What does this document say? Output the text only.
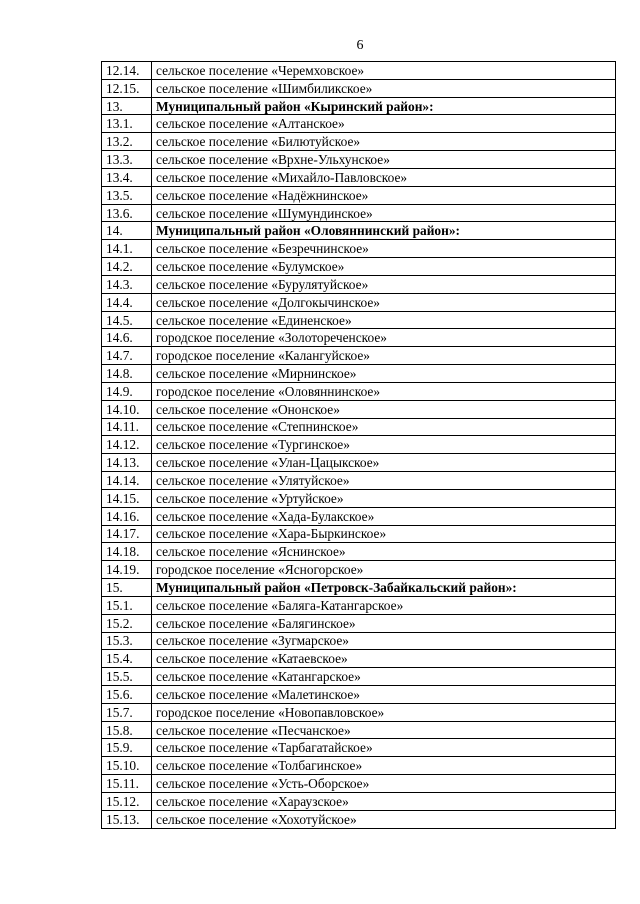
6
12.14.	сельское поселение «Черемховское»
12.15.	сельское поселение «Шимбиликское»
13.	Муниципальный район «Кыринский район»:
13.1.	сельское поселение «Алтанское»
13.2.	сельское поселение «Билютуйское»
13.3.	сельское поселение «Врхне-Ульхунское»
13.4.	сельское поселение «Михайло-Павловское»
13.5.	сельское поселение «Надёжнинское»
13.6.	сельское поселение «Шумундинское»
14.	Муниципальный район «Оловяннинский район»:
14.1.	сельское поселение «Безречнинское»
14.2.	сельское поселение «Булумское»
14.3.	сельское поселение «Бурулятуйское»
14.4.	сельское поселение «Долгокычинское»
14.5.	сельское поселение «Единенское»
14.6.	городское поселение «Золотореченское»
14.7.	городское поселение «Калангуйское»
14.8.	сельское поселение «Мирнинское»
14.9.	городское поселение «Оловяннинское»
14.10.	сельское поселение «Ононское»
14.11.	сельское поселение «Степнинское»
14.12.	сельское поселение «Тургинское»
14.13.	сельское поселение «Улан-Цацыкское»
14.14.	сельское поселение «Улятуйское»
14.15.	сельское поселение «Уртуйское»
14.16.	сельское поселение «Хада-Булакское»
14.17.	сельское поселение «Хара-Быркинское»
14.18.	сельское поселение «Яснинское»
14.19.	городское поселение «Ясногорское»
15.	Муниципальный район «Петровск-Забайкальский район»:
15.1.	сельское поселение «Баляга-Катангарское»
15.2.	сельское поселение «Балягинское»
15.3.	сельское поселение «Зугмарское»
15.4.	сельское поселение «Катаевское»
15.5.	сельское поселение «Катангарское»
15.6.	сельское поселение «Малетинское»
15.7.	городское поселение «Новопавловское»
15.8.	сельское поселение «Песчанское»
15.9.	сельское поселение «Тарбагатайское»
15.10.	сельское поселение «Толбагинское»
15.11.	сельское поселение «Усть-Оборское»
15.12.	сельское поселение «Хараузское»
15.13.	сельское поселение «Хохотуйское»
